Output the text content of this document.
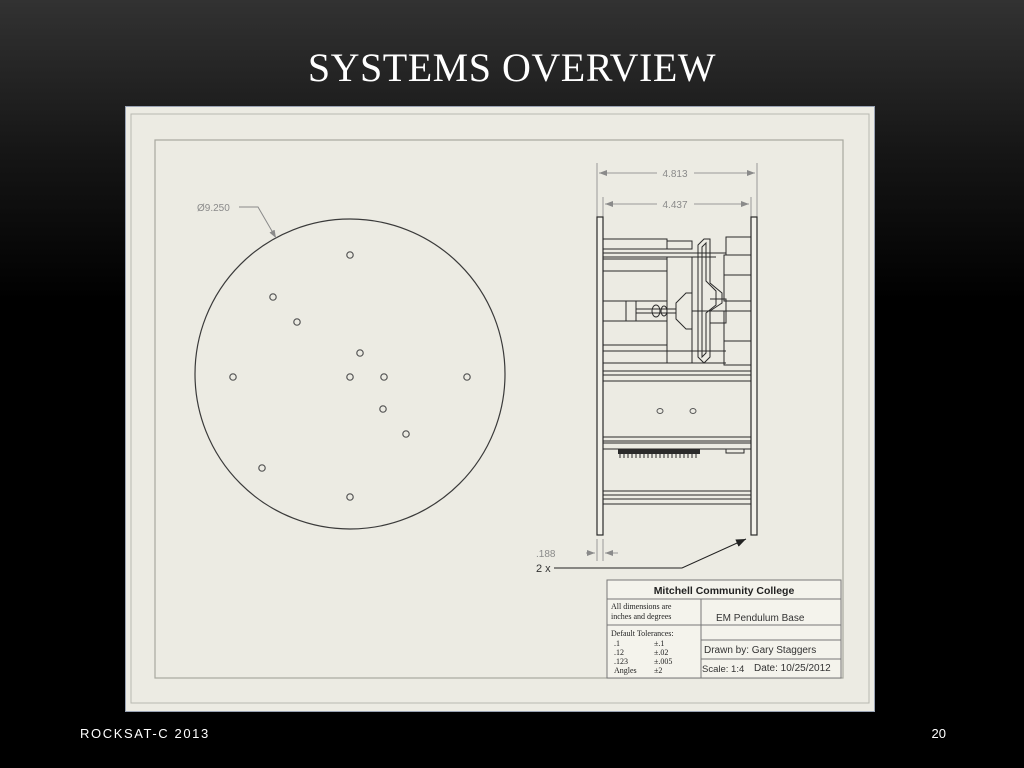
SYSTEMS OVERVIEW
Ø9.250
4.813
4.437
.188
2 x
Mitchell Community College
All dimensions are
inches and degrees	EM Pendulum Base
Default Tolerances:
.1	±.1
.12	±.02
.123	±.005
Angles ±2
Drawn by: Gary Staggers
Scale: 1:4 Date: 10/25/2012
ROCKSAT-C 2013	20
